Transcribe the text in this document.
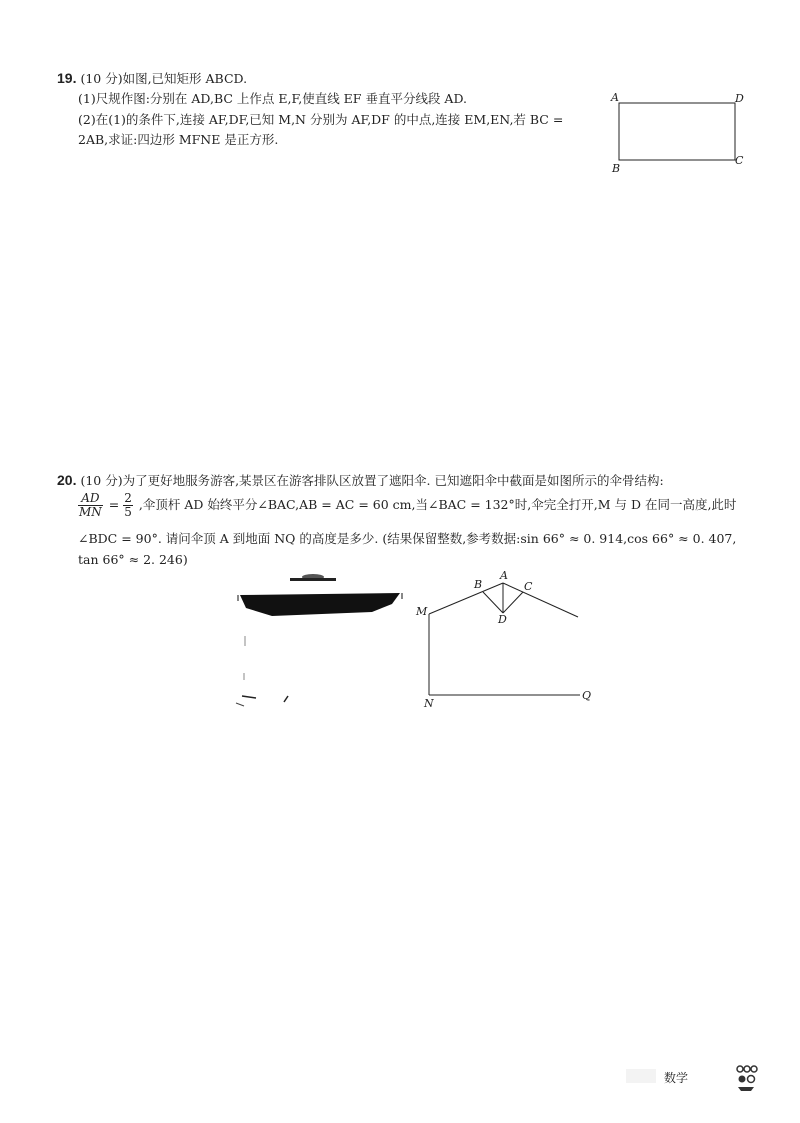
19. (10 分)如图,已知矩形 ABCD.
(1)尺规作图:分别在 AD,BC 上作点 E,F,使直线 EF 垂直平分线段 AD.
(2)在(1)的条件下,连接 AF,DF,已知 M,N 分别为 AF,DF 的中点,连接 EM,EN,若 BC =
2AB,求证:四边形 MFNE 是正方形.
A	D
B
C
20. (10 分)为了更好地服务游客,某景区在游客排队区放置了遮阳伞. 已知遮阳伞中截面是如图所示的伞骨结构:
$\frac{AD}{MN} = \frac{2}{5}$ ,伞顶杆 AD 始终平分∠BAC,AB = AC = 60 cm,当∠BAC = 132°时,伞完全打开,M 与 D 在同一高度,此时
∠BDC = 90°. 请问伞顶 A 到地面 NQ 的高度是多少. (结果保留整数,参考数据:sin 66° ≈ 0. 914,cos 66° ≈ 0. 407,
tan 66° ≈ 2. 246)
A
B	C
D
M
N
Q
数学
